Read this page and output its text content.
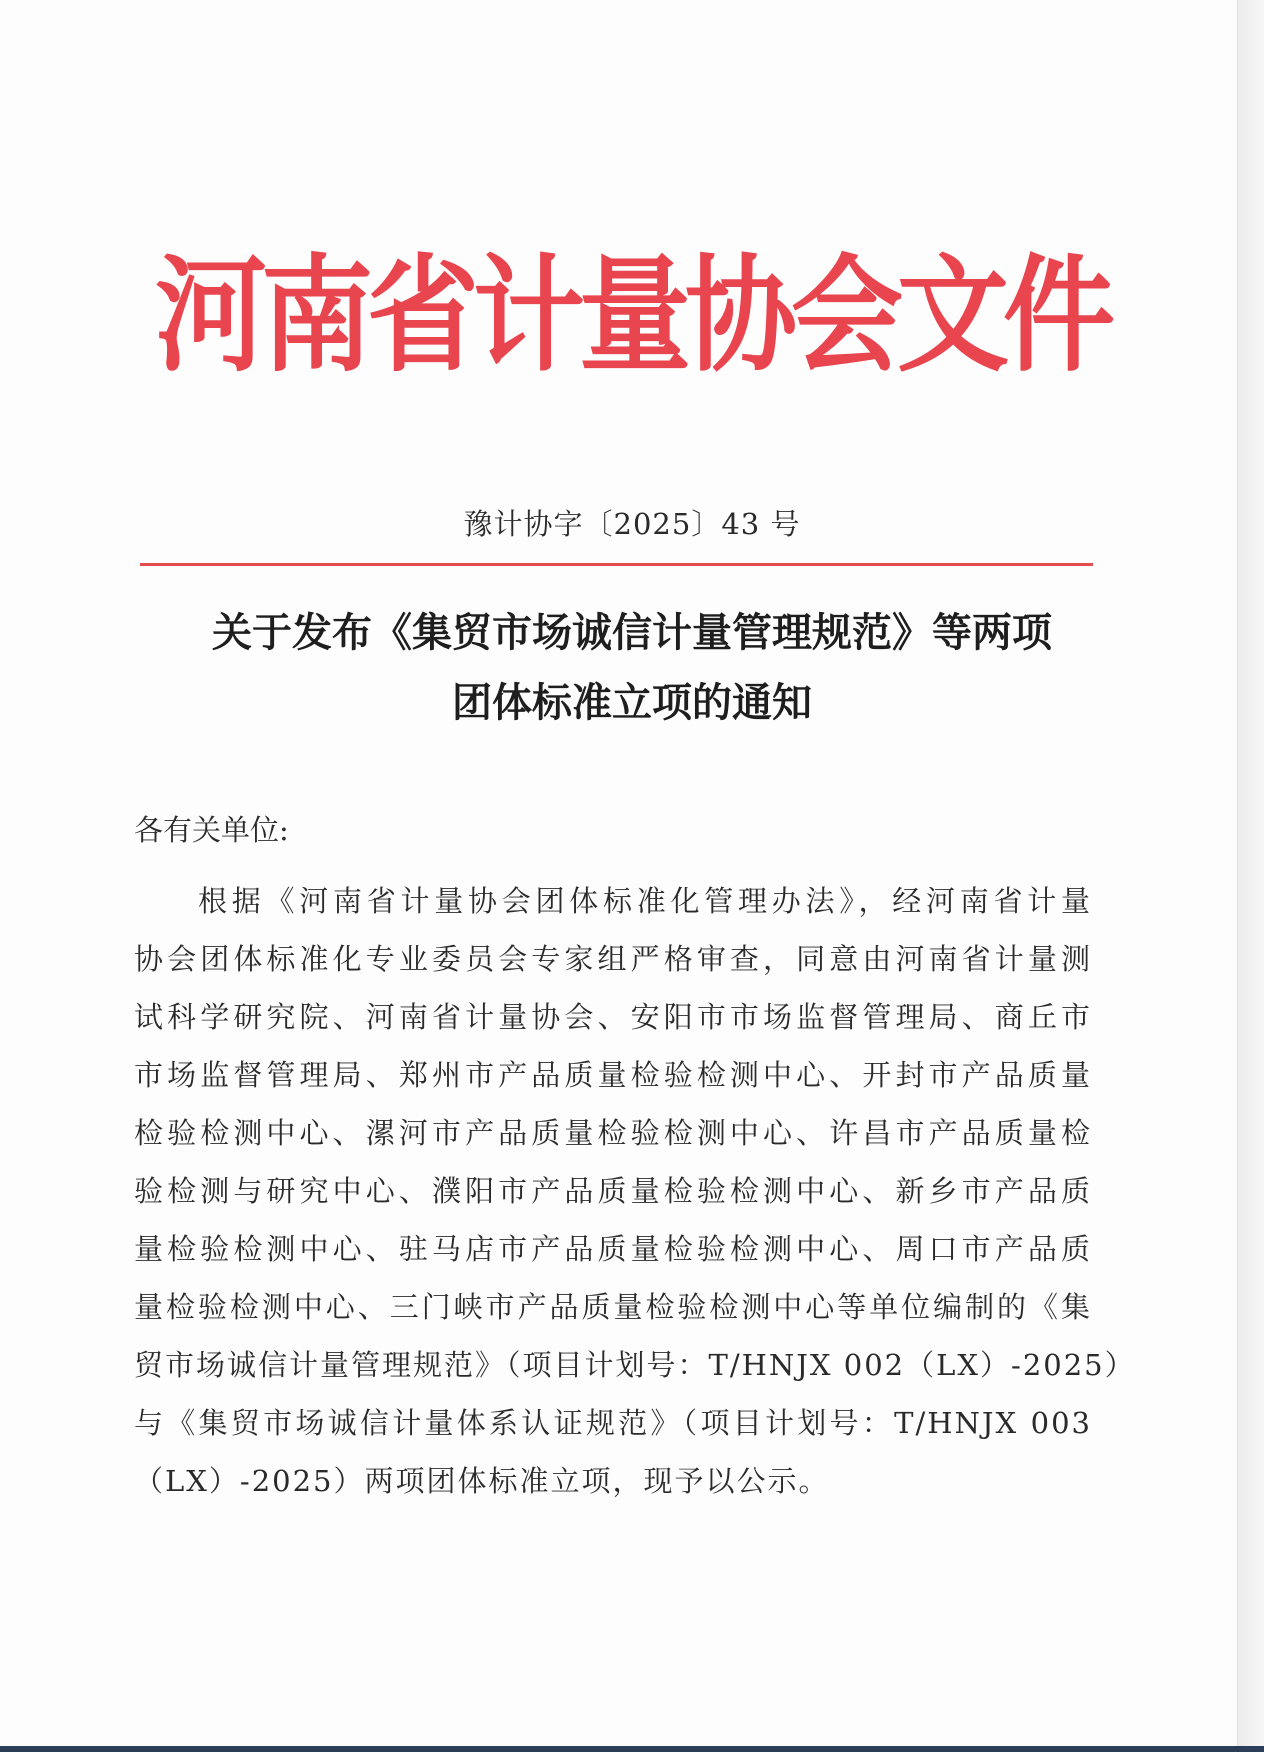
河南省计量协会文件
豫计协字〔2025〕43 号
关于发布《集贸市场诚信计量管理规范》等两项
团体标准立项的通知
各有关单位:
根据《河南省计量协会团体标准化管理办法》，经河南省计量
协会团体标准化专业委员会专家组严格审查，同意由河南省计量测
试科学研究院、河南省计量协会、安阳市市场监督管理局、商丘市
市场监督管理局、郑州市产品质量检验检测中心、开封市产品质量
检验检测中心、漯河市产品质量检验检测中心、许昌市产品质量检
验检测与研究中心、濮阳市产品质量检验检测中心、新乡市产品质
量检验检测中心、驻马店市产品质量检验检测中心、周口市产品质
量检验检测中心、三门峡市产品质量检验检测中心等单位编制的《集
贸市场诚信计量管理规范》（项目计划号：T/HNJX 002（LX）-2025）
与《集贸市场诚信计量体系认证规范》（项目计划号：T/HNJX 003
（LX）-2025）两项团体标准立项，现予以公示。
